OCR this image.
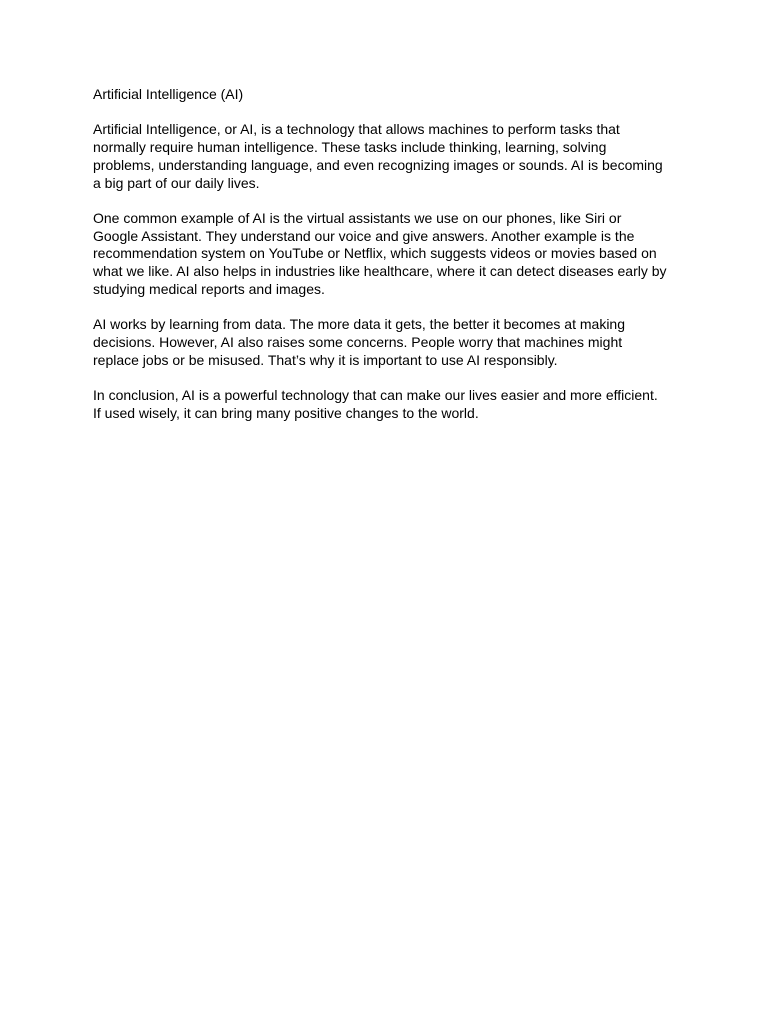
Artificial Intelligence (AI)
Artificial Intelligence, or AI, is a technology that allows machines to perform tasks that
normally require human intelligence. These tasks include thinking, learning, solving
problems, understanding language, and even recognizing images or sounds. AI is becoming
a big part of our daily lives.
One common example of AI is the virtual assistants we use on our phones, like Siri or
Google Assistant. They understand our voice and give answers. Another example is the
recommendation system on YouTube or Netflix, which suggests videos or movies based on
what we like. AI also helps in industries like healthcare, where it can detect diseases early by
studying medical reports and images.
AI works by learning from data. The more data it gets, the better it becomes at making
decisions. However, AI also raises some concerns. People worry that machines might
replace jobs or be misused. That’s why it is important to use AI responsibly.
In conclusion, AI is a powerful technology that can make our lives easier and more efficient.
If used wisely, it can bring many positive changes to the world.
